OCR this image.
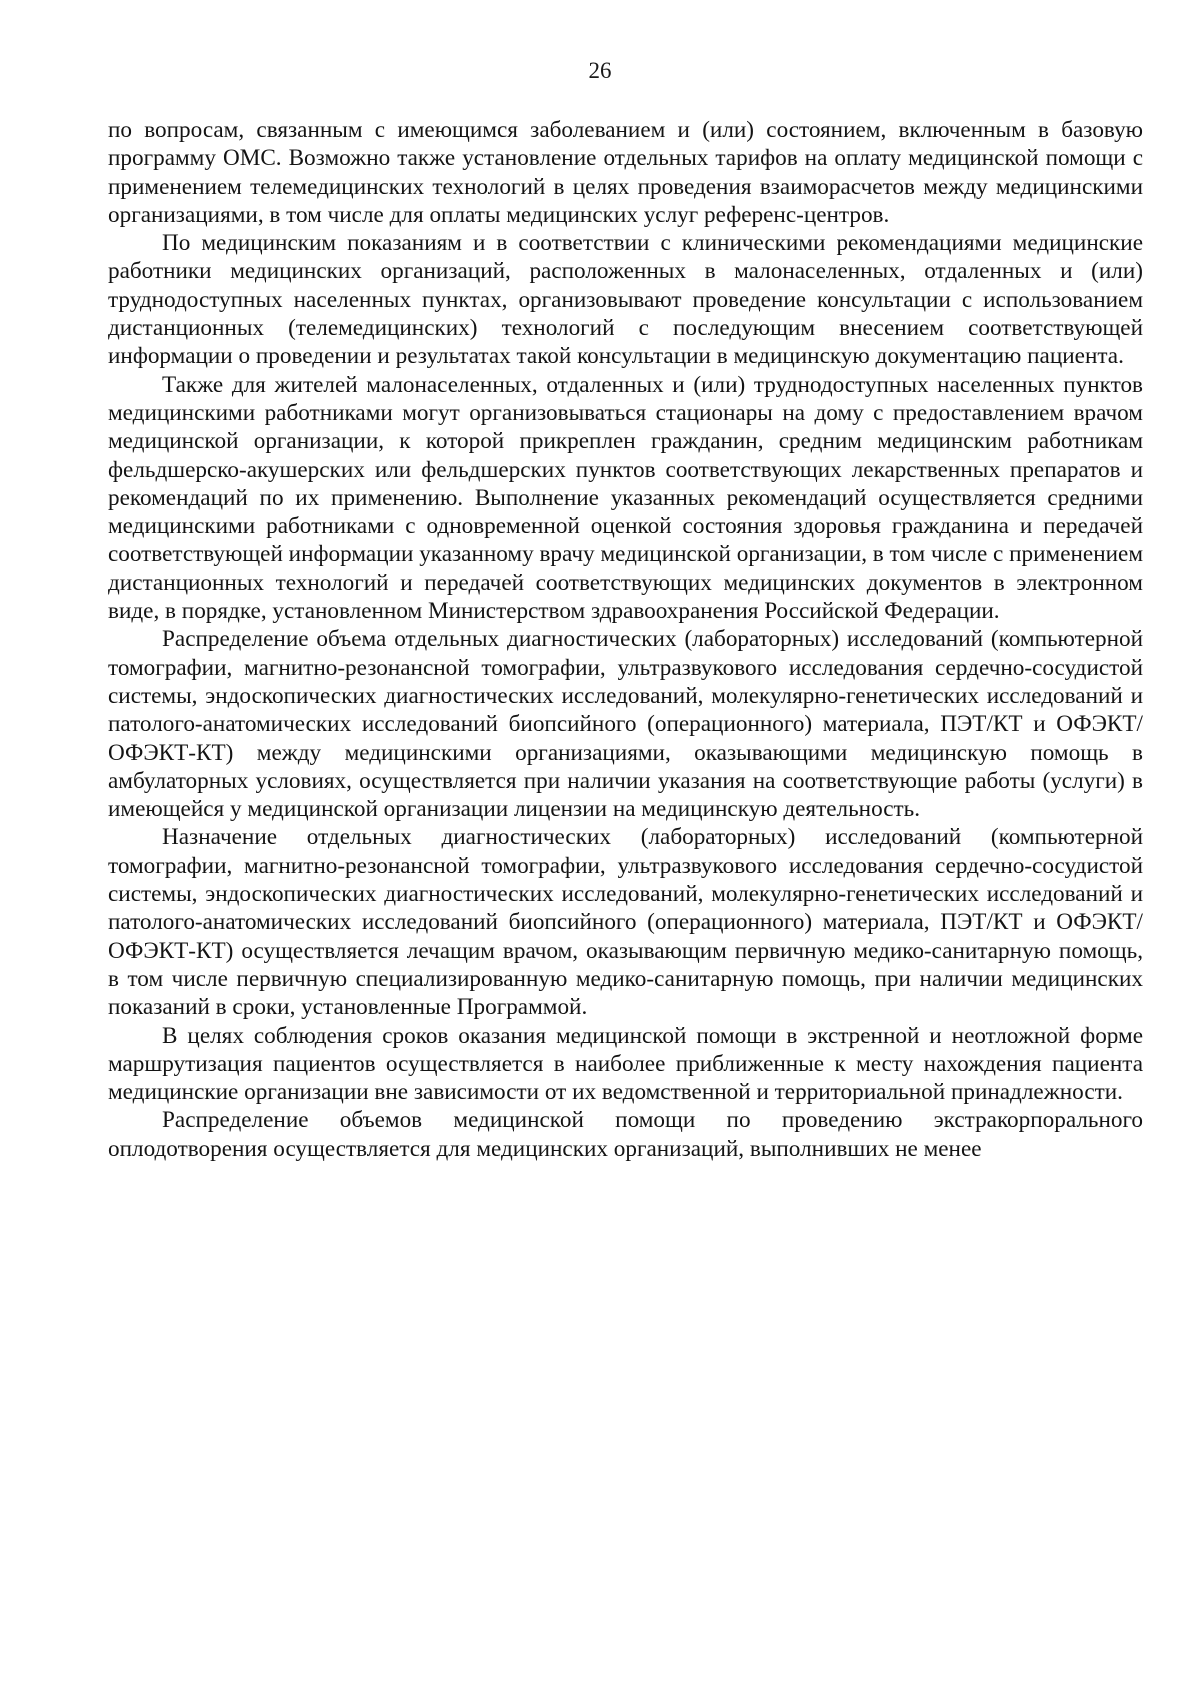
26

по вопросам, связанным с имеющимся заболеванием и (или) состоянием, включенным в базовую программу ОМС. Возможно также установление отдельных тарифов на оплату медицинской помощи с применением телемедицинских технологий в целях проведения взаиморасчетов между медицинскими организациями, в том числе для оплаты медицинских услуг референс-центров.

По медицинским показаниям и в соответствии с клиническими рекомендациями медицинские работники медицинских организаций, расположенных в малонаселенных, отдаленных и (или) труднодоступных населенных пунктах, организовывают проведение консультации с использованием дистанционных (телемедицинских) технологий с последующим внесением соответствующей информации о проведении и результатах такой консультации в медицинскую документацию пациента.

Также для жителей малонаселенных, отдаленных и (или) труднодоступных населенных пунктов медицинскими работниками могут организовываться стационары на дому с предоставлением врачом медицинской организации, к которой прикреплен гражданин, средним медицинским работникам фельдшерско-акушерских или фельдшерских пунктов соответствующих лекарственных препаратов и рекомендаций по их применению. Выполнение указанных рекомендаций осуществляется средними медицинскими работниками с одновременной оценкой состояния здоровья гражданина и передачей соответствующей информации указанному врачу медицинской организации, в том числе с применением дистанционных технологий и передачей соответствующих медицинских документов в электронном виде, в порядке, установленном Министерством здравоохранения Российской Федерации.

Распределение объема отдельных диагностических (лабораторных) исследований (компьютерной томографии, магнитно-резонансной томографии, ультразвукового исследования сердечно-сосудистой системы, эндоскопических диагностических исследований, молекулярно-генетических исследований и патолого-анатомических исследований биопсийного (операционного) материала, ПЭТ/КТ и ОФЭКТ/ОФЭКТ-КТ) между медицинскими организациями, оказывающими медицинскую помощь в амбулаторных условиях, осуществляется при наличии указания на соответствующие работы (услуги) в имеющейся у медицинской организации лицензии на медицинскую деятельность.

Назначение отдельных диагностических (лабораторных) исследований (компьютерной томографии, магнитно-резонансной томографии, ультразвукового исследования сердечно-сосудистой системы, эндоскопических диагностических исследований, молекулярно-генетических исследований и патолого-анатомических исследований биопсийного (операционного) материала, ПЭТ/КТ и ОФЭКТ/ОФЭКТ-КТ) осуществляется лечащим врачом, оказывающим первичную медико-санитарную помощь, в том числе первичную специализированную медико-санитарную помощь, при наличии медицинских показаний в сроки, установленные Программой.

В целях соблюдения сроков оказания медицинской помощи в экстренной и неотложной форме маршрутизация пациентов осуществляется в наиболее приближенные к месту нахождения пациента медицинские организации вне зависимости от их ведомственной и территориальной принадлежности.

Распределение объемов медицинской помощи по проведению экстракорпорального оплодотворения осуществляется для медицинских организаций, выполнивших не менее
